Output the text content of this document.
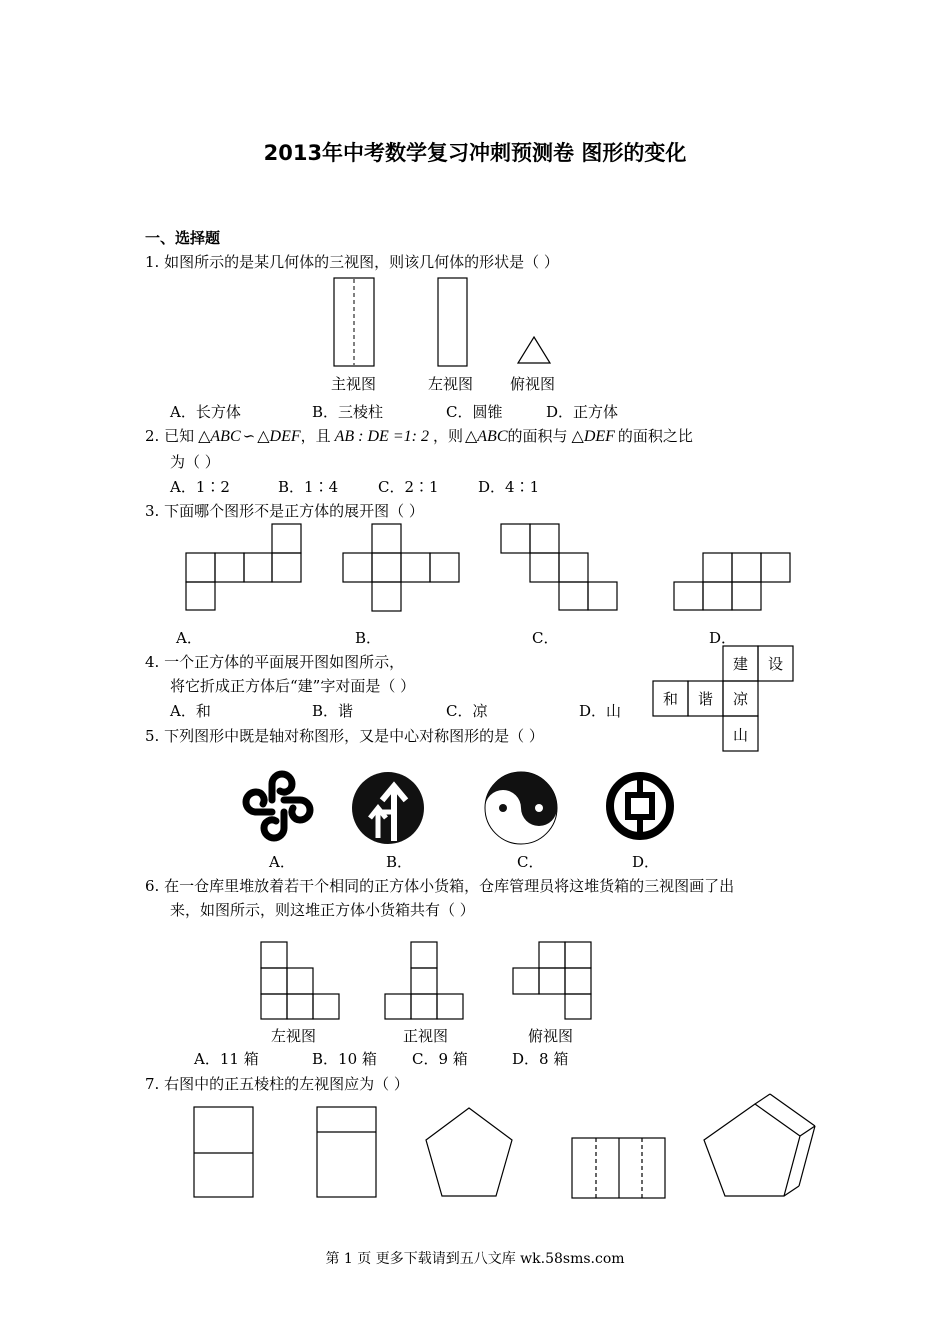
2013年中考数学复习冲刺预测卷 图形的变化
一、选择题
1. 如图所示的是某几何体的三视图，则该几何体的形状是（ ）
主视图	左视图 俯视图
A．长方体	B．三棱柱	C．圆锥	D．正方体
2. 已知 △ABC ∽ △DEF，且 AB : DE =1: 2 ，则 △ABC的面积与 △DEF 的面积之比
为（ ）
A．1∶2	B．1∶4	C．2∶1	D．4∶1
3. 下面哪个图形不是正方体的展开图（ ）
A．	B．	C．	D．
4. 一个正方体的平面展开图如图所示，
将它折成正方体后“建”字对面是（ ）
A．和	B．谐	C．凉	D．山
建	设
和	谐	凉
山
5. 下列图形中既是轴对称图形，又是中心对称图形的是（ ）
A．	B．	C．	D．
6. 在一仓库里堆放着若干个相同的正方体小货箱，仓库管理员将这堆货箱的三视图画了出
来，如图所示，则这堆正方体小货箱共有（ ）
左视图	正视图	俯视图
A．11 箱	B．10 箱 C．9 箱	D．8 箱
7. 右图中的正五棱柱的左视图应为（ ）
第 1 页 更多下载请到五八文库 wk.58sms.com
